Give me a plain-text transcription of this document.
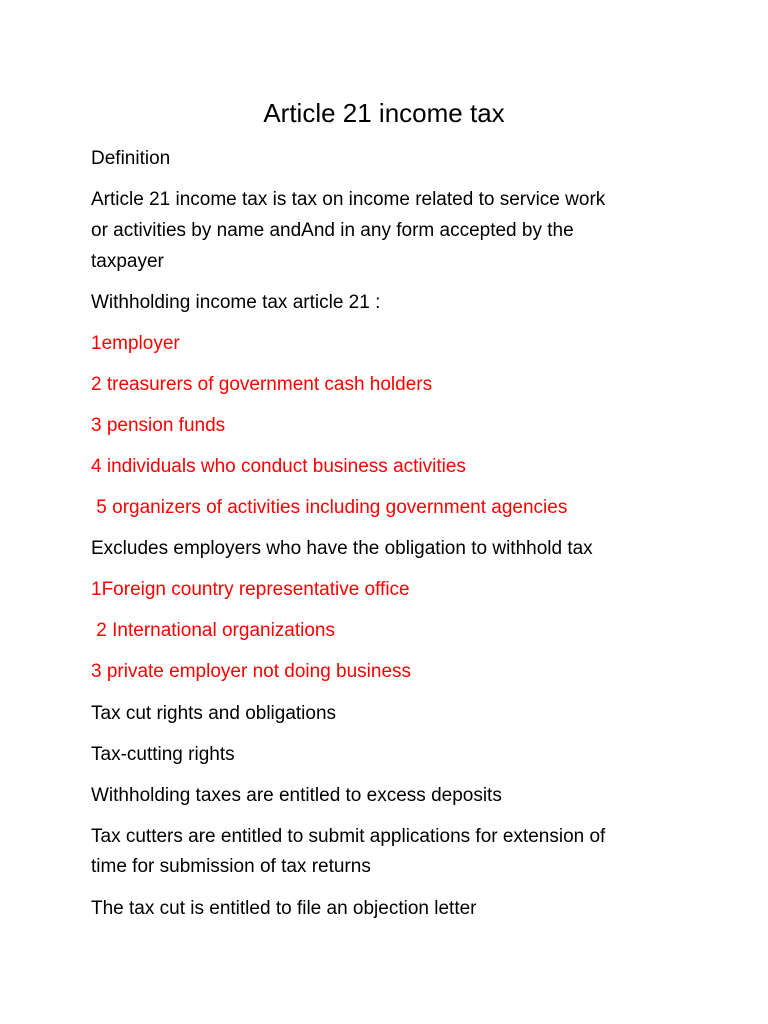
Article 21 income tax
Definition
Article 21 income tax is tax on income related to service work
or activities by name andAnd in any form accepted by the
taxpayer
Withholding income tax article 21 :
1employer
2 treasurers of government cash holders
3 pension funds
4 individuals who conduct business activities
5 organizers of activities including government agencies
Excludes employers who have the obligation to withhold tax
1Foreign country representative office
2 International organizations
3 private employer not doing business
Tax cut rights and obligations
Tax-cutting rights
Withholding taxes are entitled to excess deposits
Tax cutters are entitled to submit applications for extension of
time for submission of tax returns
The tax cut is entitled to file an objection letter
